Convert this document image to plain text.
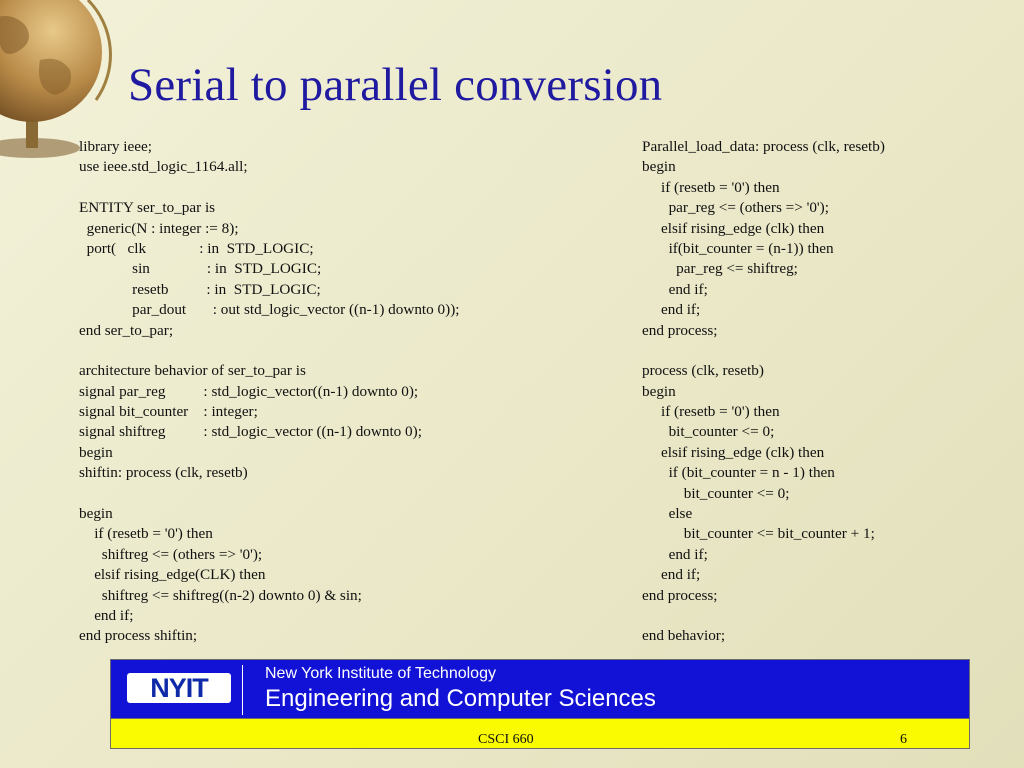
Serial to parallel conversion
library ieee;
use ieee.std_logic_1164.all;
ENTITY ser_to_par is
generic(N : integer := 8);
port(   clk              : in  STD_LOGIC;
sin               : in  STD_LOGIC;
resetb          : in  STD_LOGIC;
par_dout       : out std_logic_vector ((n-1) downto 0));
end ser_to_par;
architecture behavior of ser_to_par is
signal par_reg          : std_logic_vector((n-1) downto 0);
signal bit_counter    : integer;
signal shiftreg          : std_logic_vector ((n-1) downto 0);
begin
shiftin: process (clk, resetb)
begin
if (resetb = '0') then
shiftreg <= (others => '0');
elsif rising_edge(CLK) then
shiftreg <= shiftreg((n-2) downto 0) & sin;
end if;
end process shiftin;
Parallel_load_data: process (clk, resetb)
begin
if (resetb = '0') then
par_reg <= (others => '0');
elsif rising_edge (clk) then
if(bit_counter = (n-1)) then
par_reg <= shiftreg;
end if;
end if;
end process;
process (clk, resetb)
begin
if (resetb = '0') then
bit_counter <= 0;
elsif rising_edge (clk) then
if (bit_counter = n - 1) then
bit_counter <= 0;
else
bit_counter <= bit_counter + 1;
end if;
end if;
end process;
end behavior;
NYIT	New York Institute of Technology

Engineering and Computer Sciences

CSCI 660	6
